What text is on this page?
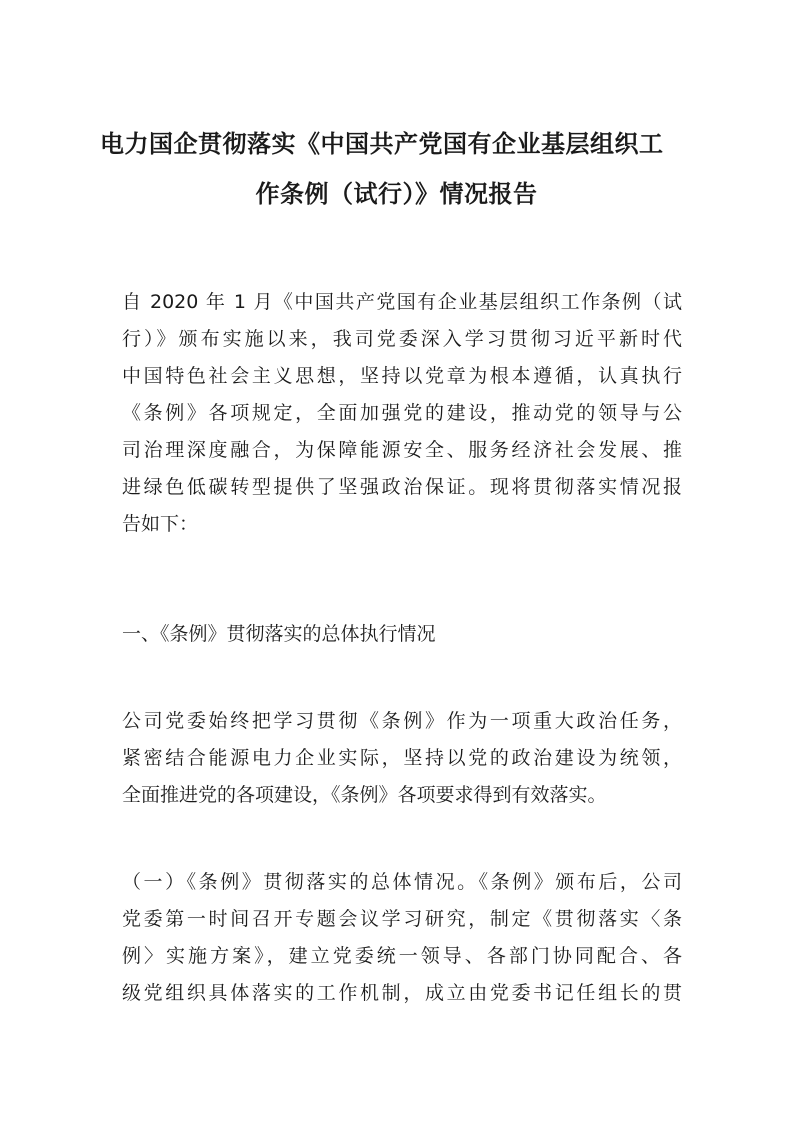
电力国企贯彻落实《中国共产党国有企业基层组织工
作条例（试行）》情况报告
自 2020 年 1 月《中国共产党国有企业基层组织工作条例（试
行）》颁布实施以来，我司党委深入学习贯彻习近平新时代
中国特色社会主义思想，坚持以党章为根本遵循，认真执行
《条例》各项规定，全面加强党的建设，推动党的领导与公
司治理深度融合，为保障能源安全、服务经济社会发展、推
进绿色低碳转型提供了坚强政治保证。现将贯彻落实情况报
告如下：
一、《条例》贯彻落实的总体执行情况
公司党委始终把学习贯彻《条例》作为一项重大政治任务，
紧密结合能源电力企业实际，坚持以党的政治建设为统领，
全面推进党的各项建设，《条例》各项要求得到有效落实。
（一）《条例》贯彻落实的总体情况。《条例》颁布后，公司
党委第一时间召开专题会议学习研究，制定《贯彻落实〈条
例〉实施方案》，建立党委统一领导、各部门协同配合、各
级党组织具体落实的工作机制，成立由党委书记任组长的贯
